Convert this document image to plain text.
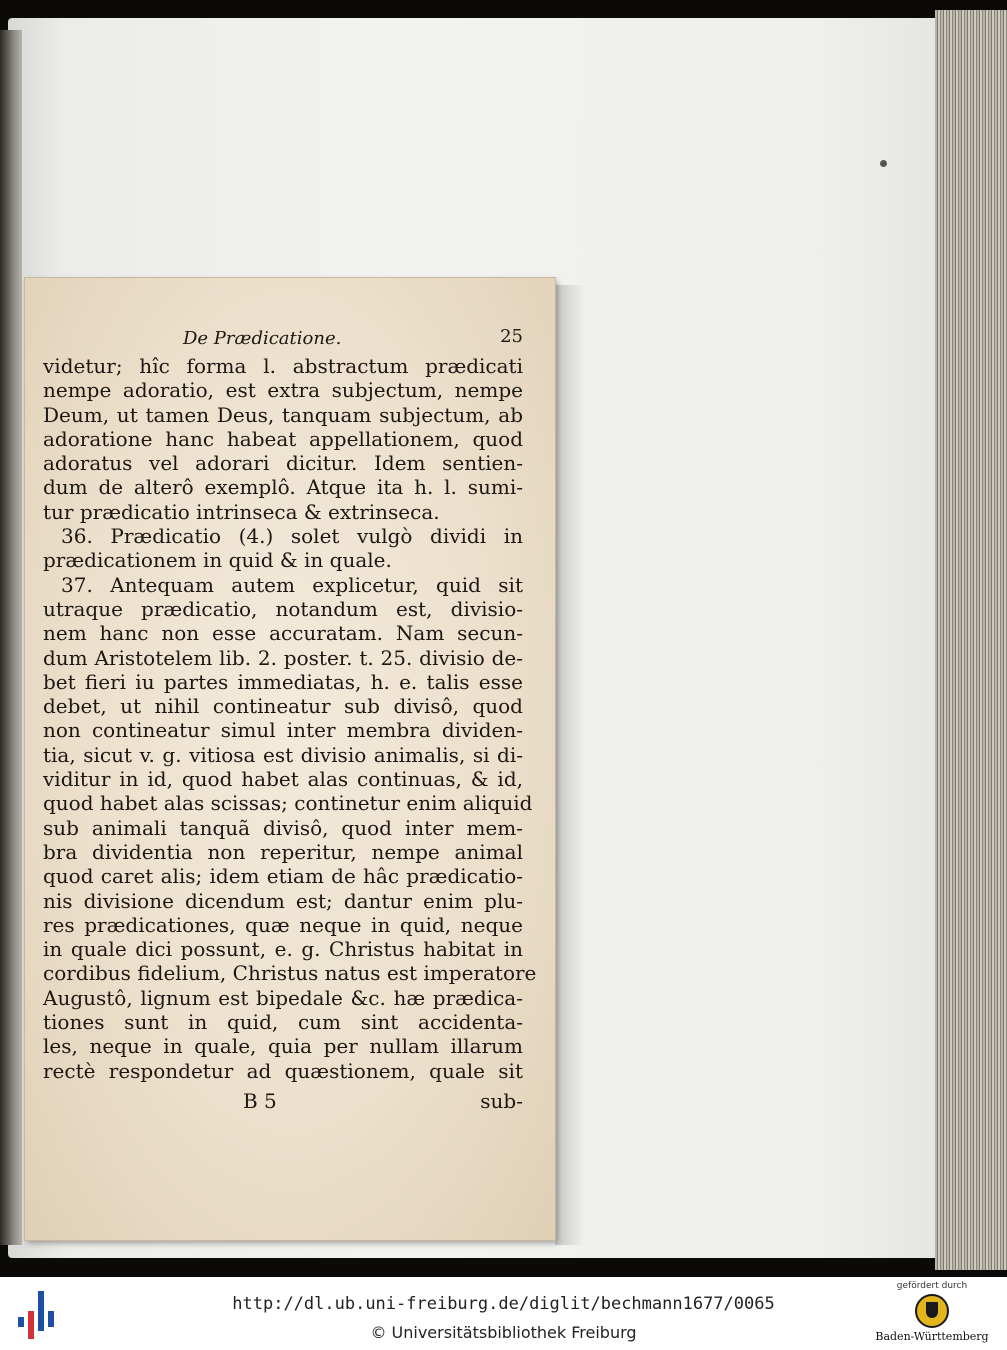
De Prædicatione.	25
videtur; hîc forma l. abstractum prædicati
nempe adoratio, est extra subjectum, nempe
Deum, ut tamen Deus, tanquam subjectum, ab
adoratione hanc habeat appellationem, quod
adoratus vel adorari dicitur. Idem sentien-
dum de alterô exemplô. Atque ita h. l. sumi-
tur prædicatio intrinseca & extrinseca.
36. Prædicatio (4.) solet vulgò dividi in
prædicationem in quid & in quale.
37. Antequam autem explicetur, quid sit
utraque prædicatio, notandum est, divisio-
nem hanc non esse accuratam. Nam secun-
dum Aristotelem lib. 2. poster. t. 25. divisio de-
bet fieri iu partes immediatas, h. e. talis esse
debet, ut nihil contineatur sub divisô, quod
non contineatur simul inter membra dividen-
tia, sicut v. g. vitiosa est divisio animalis, si di-
viditur in id, quod habet alas continuas, & id,
quod habet alas scissas; continetur enim aliquid
sub animali tanquã divisô, quod inter mem-
bra dividentia non reperitur, nempe animal
quod caret alis; idem etiam de hâc prædicatio-
nis divisione dicendum est; dantur enim plu-
res prædicationes, quæ neque in quid, neque
in quale dici possunt, e. g. Christus habitat in
cordibus fidelium, Christus natus est imperatore
Augustô, lignum est bipedale &c. hæ prædica-
tiones sunt in quid, cum sint accidenta-
les, neque in quale, quia per nullam illarum
rectè respondetur ad quæstionem, quale sit
B 5	sub-
http://dl.ub.uni-freiburg.de/diglit/bechmann1677/0065
© Universitätsbibliothek Freiburg
gefördert durch
Baden-Württemberg
